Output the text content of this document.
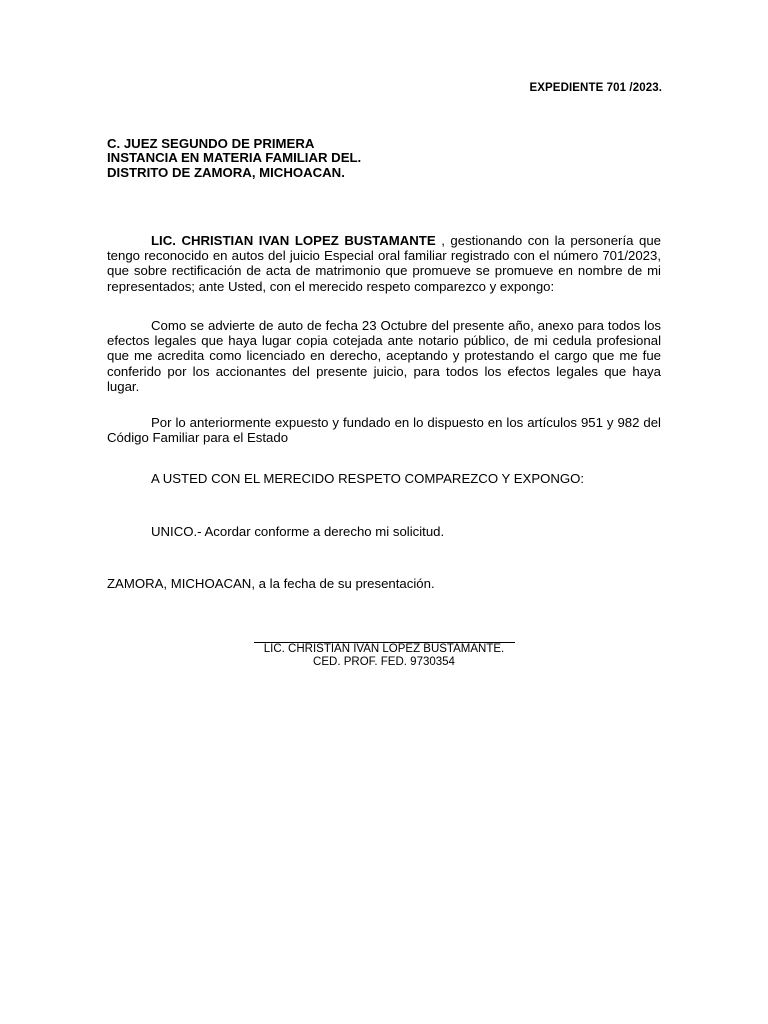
EXPEDIENTE 701 /2023.
C. JUEZ SEGUNDO DE PRIMERA
INSTANCIA EN MATERIA FAMILIAR DEL.
DISTRITO DE ZAMORA, MICHOACAN.
LIC. CHRISTIAN IVAN LOPEZ BUSTAMANTE , gestionando con la personería que tengo reconocido en autos del juicio Especial oral familiar registrado con el número 701/2023, que sobre rectificación de acta de matrimonio que promueve se promueve en nombre de mi representados; ante Usted, con el merecido respeto comparezco y expongo:
Como se advierte de auto de fecha 23 Octubre del presente año, anexo para todos los efectos legales que haya lugar copia cotejada ante notario público, de mi cedula profesional que me acredita como licenciado en derecho, aceptando y protestando el cargo que me fue conferido por los accionantes del presente juicio, para todos los efectos legales que haya lugar.
Por lo anteriormente expuesto y fundado en lo dispuesto en los artículos 951 y 982 del Código Familiar para el Estado
A USTED CON EL MERECIDO RESPETO COMPAREZCO Y EXPONGO:
UNICO.- Acordar conforme a derecho mi solicitud.
ZAMORA, MICHOACAN, a la fecha de su presentación.
LIC. CHRISTIAN IVAN LOPEZ BUSTAMANTE.
CED. PROF. FED. 9730354
